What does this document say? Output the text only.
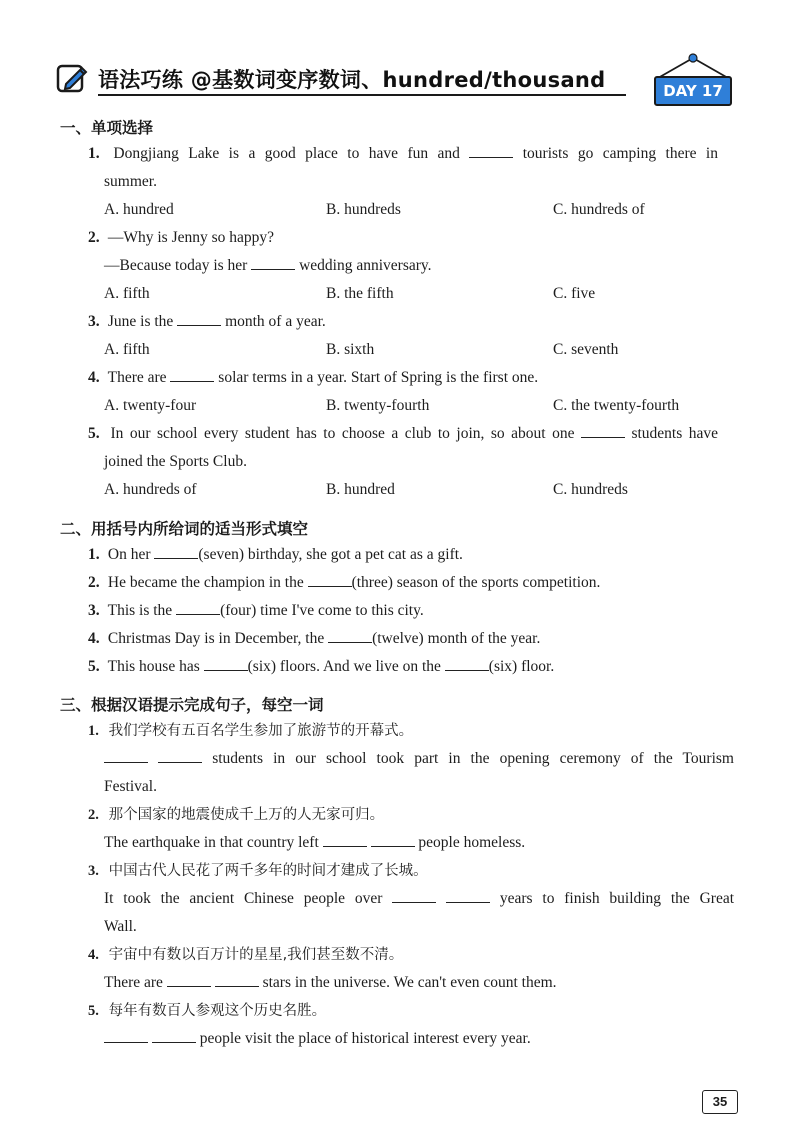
语法巧练 @基数词变序数词、hundred/thousand	DAY 17
一、单项选择
1. Dongjiang Lake is a good place to have fun and	tourists go camping there in
summer.
A. hundred	B. hundreds	C. hundreds of
2. —Why is Jenny so happy?
—Because today is her	wedding anniversary.
A. fifth	B. the fifth	C. five
3. June is the	month of a year.
A. fifth	B. sixth	C. seventh
4. There are	solar terms in a year. Start of Spring is the first one.
A. twenty-four	B. twenty-fourth	C. the twenty-fourth
5. In our school every student has to choose a club to join, so about one	students have
joined the Sports Club.
A. hundreds of	B. hundred	C. hundreds
二、用括号内所给词的适当形式填空
1. On her	(seven) birthday, she got a pet cat as a gift.
2. He became the champion in the	(three) season of the sports competition.
3. This is the	(four) time I've come to this city.
4. Christmas Day is in December, the	(twelve) month of the year.
5. This house has	(six) floors. And we live on the	(six) floor.
三、根据汉语提示完成句子，每空一词
1. 我们学校有五百名学生参加了旅游节的开幕式。
students in our school took part in the opening ceremony of the Tourism
Festival.
2. 那个国家的地震使成千上万的人无家可归。
The earthquake in that country left	people homeless.
3. 中国古代人民花了两千多年的时间才建成了长城。
It took the ancient Chinese people over	years to finish building the Great
Wall.
4. 宇宙中有数以百万计的星星,我们甚至数不清。
There are	stars in the universe. We can't even count them.
5. 每年有数百人参观这个历史名胜。
people visit the place of historical interest every year.
35
